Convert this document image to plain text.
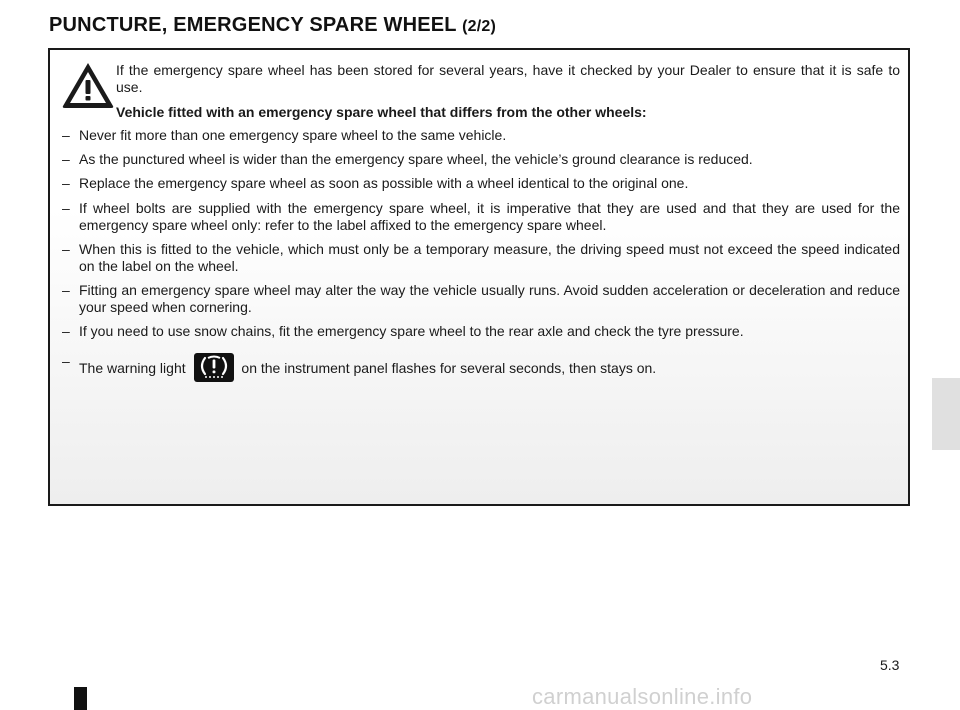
PUNCTURE, EMERGENCY SPARE WHEEL (2/2)

If the emergency spare wheel has been stored for several years, have it checked by your Dealer to ensure that it is safe to use.

Vehicle fitted with an emergency spare wheel that differs from the other wheels:

– Never fit more than one emergency spare wheel to the same vehicle.
– As the punctured wheel is wider than the emergency spare wheel, the vehicle’s ground clearance is reduced.
– Replace the emergency spare wheel as soon as possible with a wheel identical to the original one.
– If wheel bolts are supplied with the emergency spare wheel, it is imperative that they are used and that they are used for the emergency spare wheel only: refer to the label affixed to the emergency spare wheel.
– When this is fitted to the vehicle, which must only be a temporary measure, the driving speed must not exceed the speed indicated on the label on the wheel.
– Fitting an emergency spare wheel may alter the way the vehicle usually runs. Avoid sudden acceleration or deceleration and reduce your speed when cornering.
– If you need to use snow chains, fit the emergency spare wheel to the rear axle and check the tyre pressure.
– The warning light	on the instrument panel flashes for several seconds, then stays on.
5.3
carmanualsonline.info
